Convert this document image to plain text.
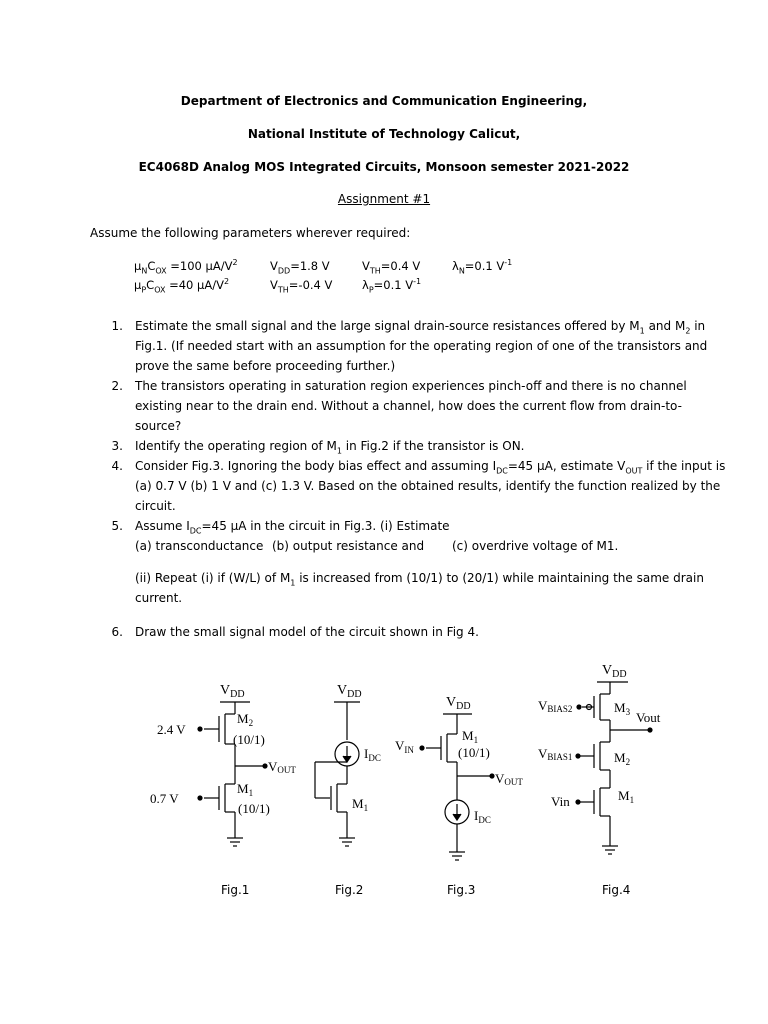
Department of Electronics and Communication Engineering,
National Institute of Technology Calicut,
EC4068D Analog MOS Integrated Circuits, Monsoon semester 2021-2022
Assignment #1
Assume the following parameters wherever required:
$\mu_NC_{OX} =100$ $\mu A/V^2$	$V_{DD}=1.8$ V	$V_{TH}=0.4$ V	$\lambda_N=0.1$ $V^{-1}$
$\mu_PC_{OX} =40$ $\mu A/V^2$	$V_{TH}=-0.4$ V	$\lambda_P=0.1$ $V^{-1}$
1. Estimate the small signal and the large signal drain-source resistances offered by $M_1$ and $M_2$ in
Fig.1. (If needed start with an assumption for the operating region of one of the transistors and
prove the same before proceeding further.)
2. The transistors operating in saturation region experiences pinch-off and there is no channel
existing near to the drain end. Without a channel, how does the current flow from drain-to-
source?
3. Identify the operating region of $M_1$ in Fig.2 if the transistor is ON.
4. Consider Fig.3. Ignoring the body bias effect and assuming $I_{DC}=45$ μA, estimate $V_{OUT}$ if the input is
(a) 0.7 V (b) 1 V and (c) 1.3 V. Based on the obtained results, identify the function realized by the
circuit.
5. Assume $I_{DC}=45$ μA in the circuit in Fig.3. (i) Estimate
(a) transconductance (b) output resistance and (c) overdrive voltage of M1.
(ii) Repeat (i) if (W/L) of $M_1$ is increased from (10/1) to (20/1) while maintaining the same drain
current.
6. Draw the small signal model of the circuit shown in Fig 4.
$V_{DD}$
2.4 V
$M_2$
(10/1)
VOUT
0.7 V
$M_1$
(10/1)
$V_{DD}$
$I_{DC}$
$M_1$
$V_{DD}$
$V_{IN}$
$M_1$
(10/1)
VOUT
$I_{DC}$
$V_{DD}$
VBIAS2	$M_3$ Vout
VBIAS1	$M_2$
Vin	$M_1$
Fig.1	Fig.2	Fig.3	Fig.4
